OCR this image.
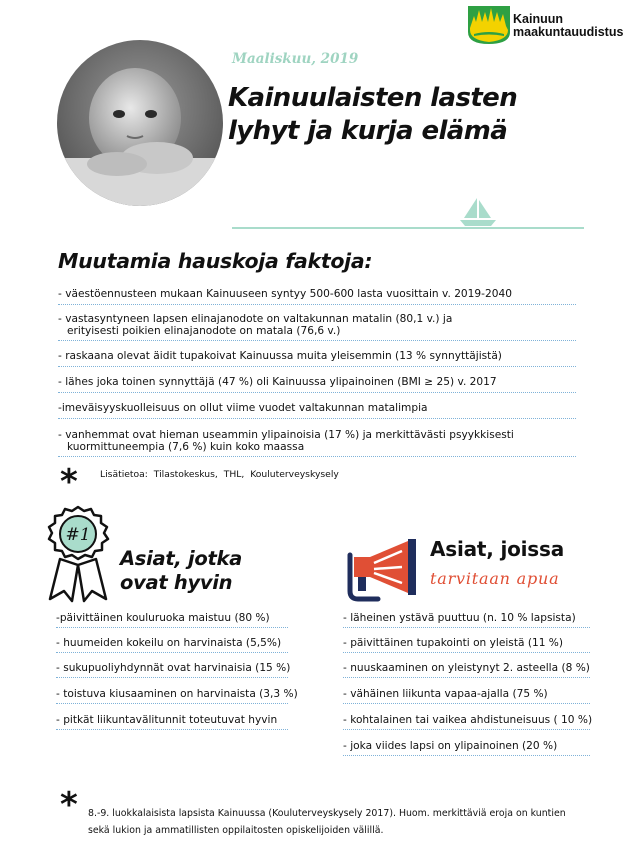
Kainuun
maakuntauudistus
Maaliskuu, 2019
Kainuulaisten lasten
lyhyt ja kurja elämä
Muutamia hauskoja faktoja:
- väestöennusteen mukaan Kainuuseen syntyy 500-600 lasta vuosittain v. 2019-2040
- vastasyntyneen lapsen elinajanodote on valtakunnan matalin (80,1 v.) ja
erityisesti poikien elinajanodote on matala (76,6 v.)
- raskaana olevat äidit tupakoivat Kainuussa muita yleisemmin (13 % synnyttäjistä)
- lähes joka toinen synnyttäjä (47 %) oli Kainuussa ylipainoinen (BMI ≥ 25) v. 2017
-imeväisyyskuolleisuus on ollut viime vuodet valtakunnan matalimpia
- vanhemmat ovat hieman useammin ylipainoisia (17 %) ja merkittävästi psyykkisesti
kuormittuneempia (7,6 %) kuin koko maassa
* Lisätietoa: Tilastokeskus, THL, Kouluterveyskysely
#1
Asiat, jotka
ovat hyvin
-päivittäinen kouluruoka maistuu (80 %)
- huumeiden kokeilu on harvinaista (5,5%)
- sukupuoliyhdynnät ovat harvinaisia (15 %)
- toistuva kiusaaminen on harvinaista (3,3 %)
- pitkät liikuntavälitunnit toteutuvat hyvin
Asiat, joissa
tarvitaan apua
- läheinen ystävä puuttuu (n. 10 % lapsista)
- päivittäinen tupakointi on yleistä (11 %)
- nuuskaaminen on yleistynyt 2. asteella (8 %)
- vähäinen liikunta vapaa-ajalla (75 %)
- kohtalainen tai vaikea ahdistuneisuus ( 10 %)
- joka viides lapsi on ylipainoinen (20 %)
* 8.-9. luokkalaisista lapsista Kainuussa (Kouluterveyskysely 2017). Huom. merkittäviä eroja on kuntien
sekä lukion ja ammatillisten oppilaitosten opiskelijoiden välillä.
